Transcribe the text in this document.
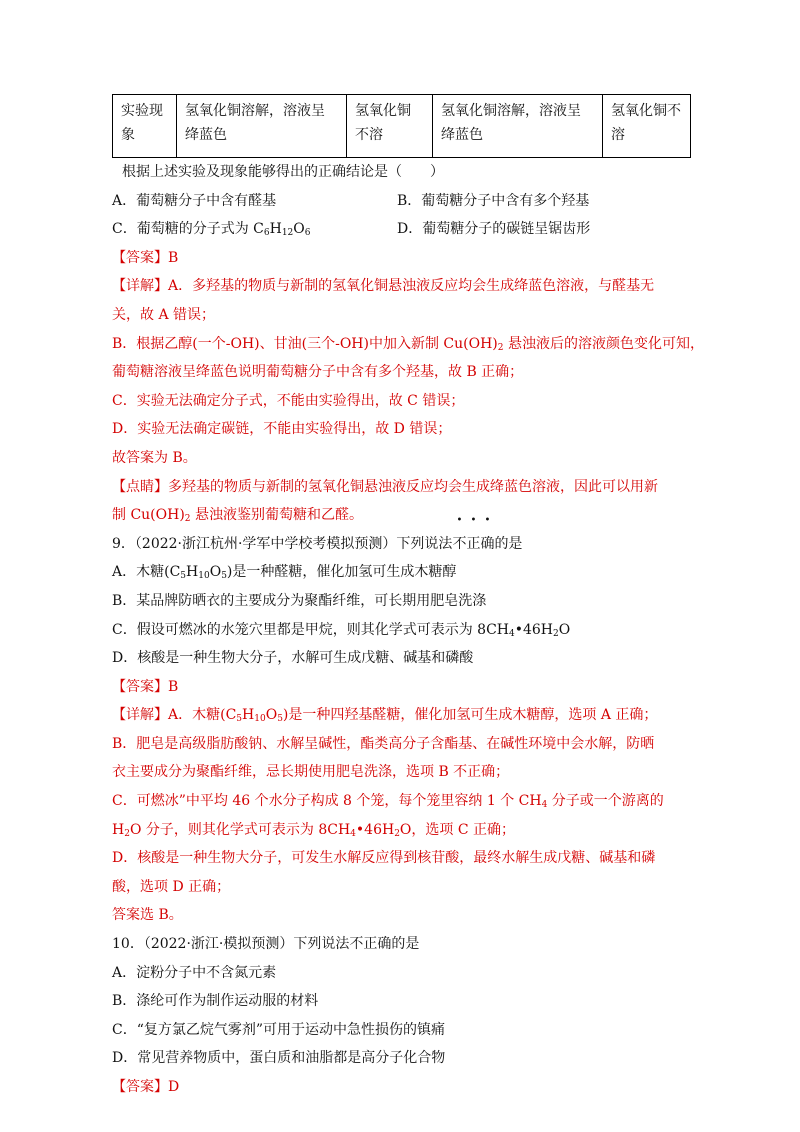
实验现象	氢氧化铜溶解，溶液呈绛蓝色	氢氧化铜不溶	氢氧化铜溶解，溶液呈绛蓝色	氢氧化铜不溶

根据上述实验及现象能够得出的正确结论是（　　）

A．葡萄糖分子中含有醛基	B．葡萄糖分子中含有多个羟基
C．葡萄糖的分子式为 $C_6H_{12}O_6$	D．葡萄糖分子的碳链呈锯齿形

【答案】B

【详解】A．多羟基的物质与新制的氢氧化铜悬浊液反应均会生成绛蓝色溶液，与醛基无

关，故 A 错误；

B．根据乙醇(一个-OH)、甘油(三个-OH)中加入新制 $Cu(OH)_2$ 悬浊液后的溶液颜色变化可知，

葡萄糖溶液呈绛蓝色说明葡萄糖分子中含有多个羟基，故 B 正确；

C．实验无法确定分子式，不能由实验得出，故 C 错误；

D．实验无法确定碳链，不能由实验得出，故 D 错误；

故答案为 B。

【点睛】多羟基的物质与新制的氢氧化铜悬浊液反应均会生成绛蓝色溶液，因此可以用新

制 $Cu(OH)_2$ 悬浊液鉴别葡萄糖和乙醛。

9．（2022·浙江杭州·学军中学校考模拟预测）下列说法不正确的是

A．木糖$(C_5H_{10}O_5)$是一种醛糖，催化加氢可生成木糖醇

B．某品牌防晒衣的主要成分为聚酯纤维，可长期用肥皂洗涤

C．假设可燃冰的水笼穴里都是甲烷，则其化学式可表示为 $8CH_4•46H_2O$

D．核酸是一种生物大分子，水解可生成戊糖、碱基和磷酸

【答案】B

【详解】A．木糖$(C_5H_{10}O_5)$是一种四羟基醛糖，催化加氢可生成木糖醇，选项 A 正确；

B．肥皂是高级脂肪酸钠、水解呈碱性，酯类高分子含酯基、在碱性环境中会水解，防晒

衣主要成分为聚酯纤维，忌长期使用肥皂洗涤，选项 B 不正确；

C．可燃冰”中平均 46 个水分子构成 8 个笼，每个笼里容纳 1 个 $CH_4$ 分子或一个游离的

$H_2O$ 分子，则其化学式可表示为 $8CH_4•46H_2O$，选项 C 正确；

D．核酸是一种生物大分子，可发生水解反应得到核苷酸，最终水解生成戊糖、碱基和磷

酸，选项 D 正确；

答案选 B。

10．（2022·浙江·模拟预测）下列说法不正确的是

A．淀粉分子中不含氮元素

B．涤纶可作为制作运动服的材料

C．“复方氯乙烷气雾剂”可用于运动中急性损伤的镇痛

D．常见营养物质中，蛋白质和油脂都是高分子化合物

【答案】D
